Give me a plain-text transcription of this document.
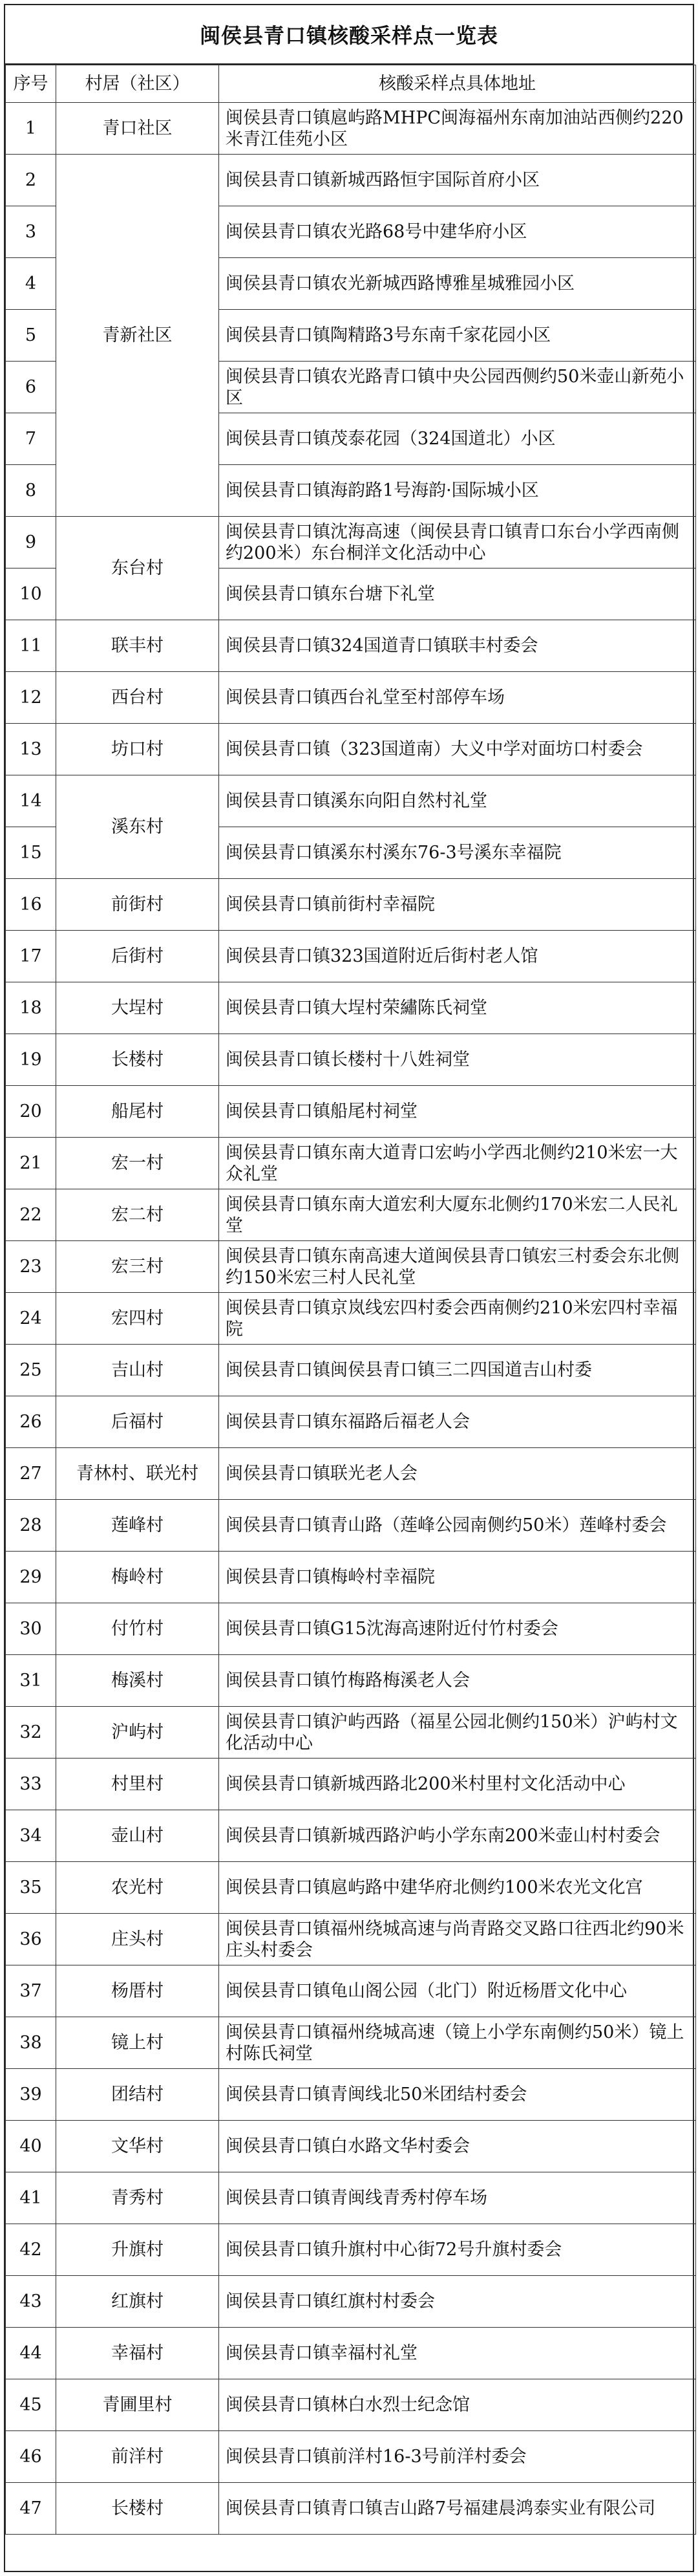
闽侯县青口镇核酸采样点一览表
序号	村居（社区）	核酸采样点具体地址
1	青口社区	闽侯县青口镇扈屿路MHPC闽海福州东南加油站西侧约220米青江佳苑小区
2	青新社区	闽侯县青口镇新城西路恒宇国际首府小区
3		闽侯县青口镇农光路68号中建华府小区
4		闽侯县青口镇农光新城西路博雅星城雅园小区
5		闽侯县青口镇陶精路3号东南千家花园小区
6		闽侯县青口镇农光路青口镇中央公园西侧约50米壶山新苑小区
7		闽侯县青口镇茂泰花园（324国道北）小区
8		闽侯县青口镇海韵路1号海韵·国际城小区
9	东台村	闽侯县青口镇沈海高速（闽侯县青口镇青口东台小学西南侧约200米）东台桐洋文化活动中心
10		闽侯县青口镇东台塘下礼堂
11	联丰村	闽侯县青口镇324国道青口镇联丰村委会
12	西台村	闽侯县青口镇西台礼堂至村部停车场
13	坊口村	闽侯县青口镇（323国道南）大义中学对面坊口村委会
14	溪东村	闽侯县青口镇溪东向阳自然村礼堂
15		闽侯县青口镇溪东村溪东76-3号溪东幸福院
16	前街村	闽侯县青口镇前街村幸福院
17	后街村	闽侯县青口镇323国道附近后街村老人馆
18	大埕村	闽侯县青口镇大埕村荣繡陈氏祠堂
19	长楼村	闽侯县青口镇长楼村十八姓祠堂
20	船尾村	闽侯县青口镇船尾村祠堂
21	宏一村	闽侯县青口镇东南大道青口宏屿小学西北侧约210米宏一大众礼堂
22	宏二村	闽侯县青口镇东南大道宏利大厦东北侧约170米宏二人民礼堂
23	宏三村	闽侯县青口镇东南高速大道闽侯县青口镇宏三村委会东北侧约150米宏三村人民礼堂
24	宏四村	闽侯县青口镇京岚线宏四村委会西南侧约210米宏四村幸福院
25	吉山村	闽侯县青口镇闽侯县青口镇三二四国道吉山村委
26	后福村	闽侯县青口镇东福路后福老人会
27	青林村、联光村	闽侯县青口镇联光老人会
28	莲峰村	闽侯县青口镇青山路（莲峰公园南侧约50米）莲峰村委会
29	梅岭村	闽侯县青口镇梅岭村幸福院
30	付竹村	闽侯县青口镇G15沈海高速附近付竹村委会
31	梅溪村	闽侯县青口镇竹梅路梅溪老人会
32	沪屿村	闽侯县青口镇沪屿西路（福星公园北侧约150米）沪屿村文化活动中心
33	村里村	闽侯县青口镇新城西路北200米村里村文化活动中心
34	壶山村	闽侯县青口镇新城西路沪屿小学东南200米壶山村村委会
35	农光村	闽侯县青口镇扈屿路中建华府北侧约100米农光文化宫
36	庄头村	闽侯县青口镇福州绕城高速与尚青路交叉路口往西北约90米庄头村委会
37	杨厝村	闽侯县青口镇龟山阁公园（北门）附近杨厝文化中心
38	镜上村	闽侯县青口镇福州绕城高速（镜上小学东南侧约50米）镜上村陈氏祠堂
39	团结村	闽侯县青口镇青闽线北50米团结村委会
40	文华村	闽侯县青口镇白水路文华村委会
41	青秀村	闽侯县青口镇青闽线青秀村停车场
42	升旗村	闽侯县青口镇升旗村中心街72号升旗村委会
43	红旗村	闽侯县青口镇红旗村村委会
44	幸福村	闽侯县青口镇幸福村礼堂
45	青圃里村	闽侯县青口镇林白水烈士纪念馆
46	前洋村	闽侯县青口镇前洋村16-3号前洋村委会
47	长楼村	闽侯县青口镇青口镇吉山路7号福建晨鸿泰实业有限公司
